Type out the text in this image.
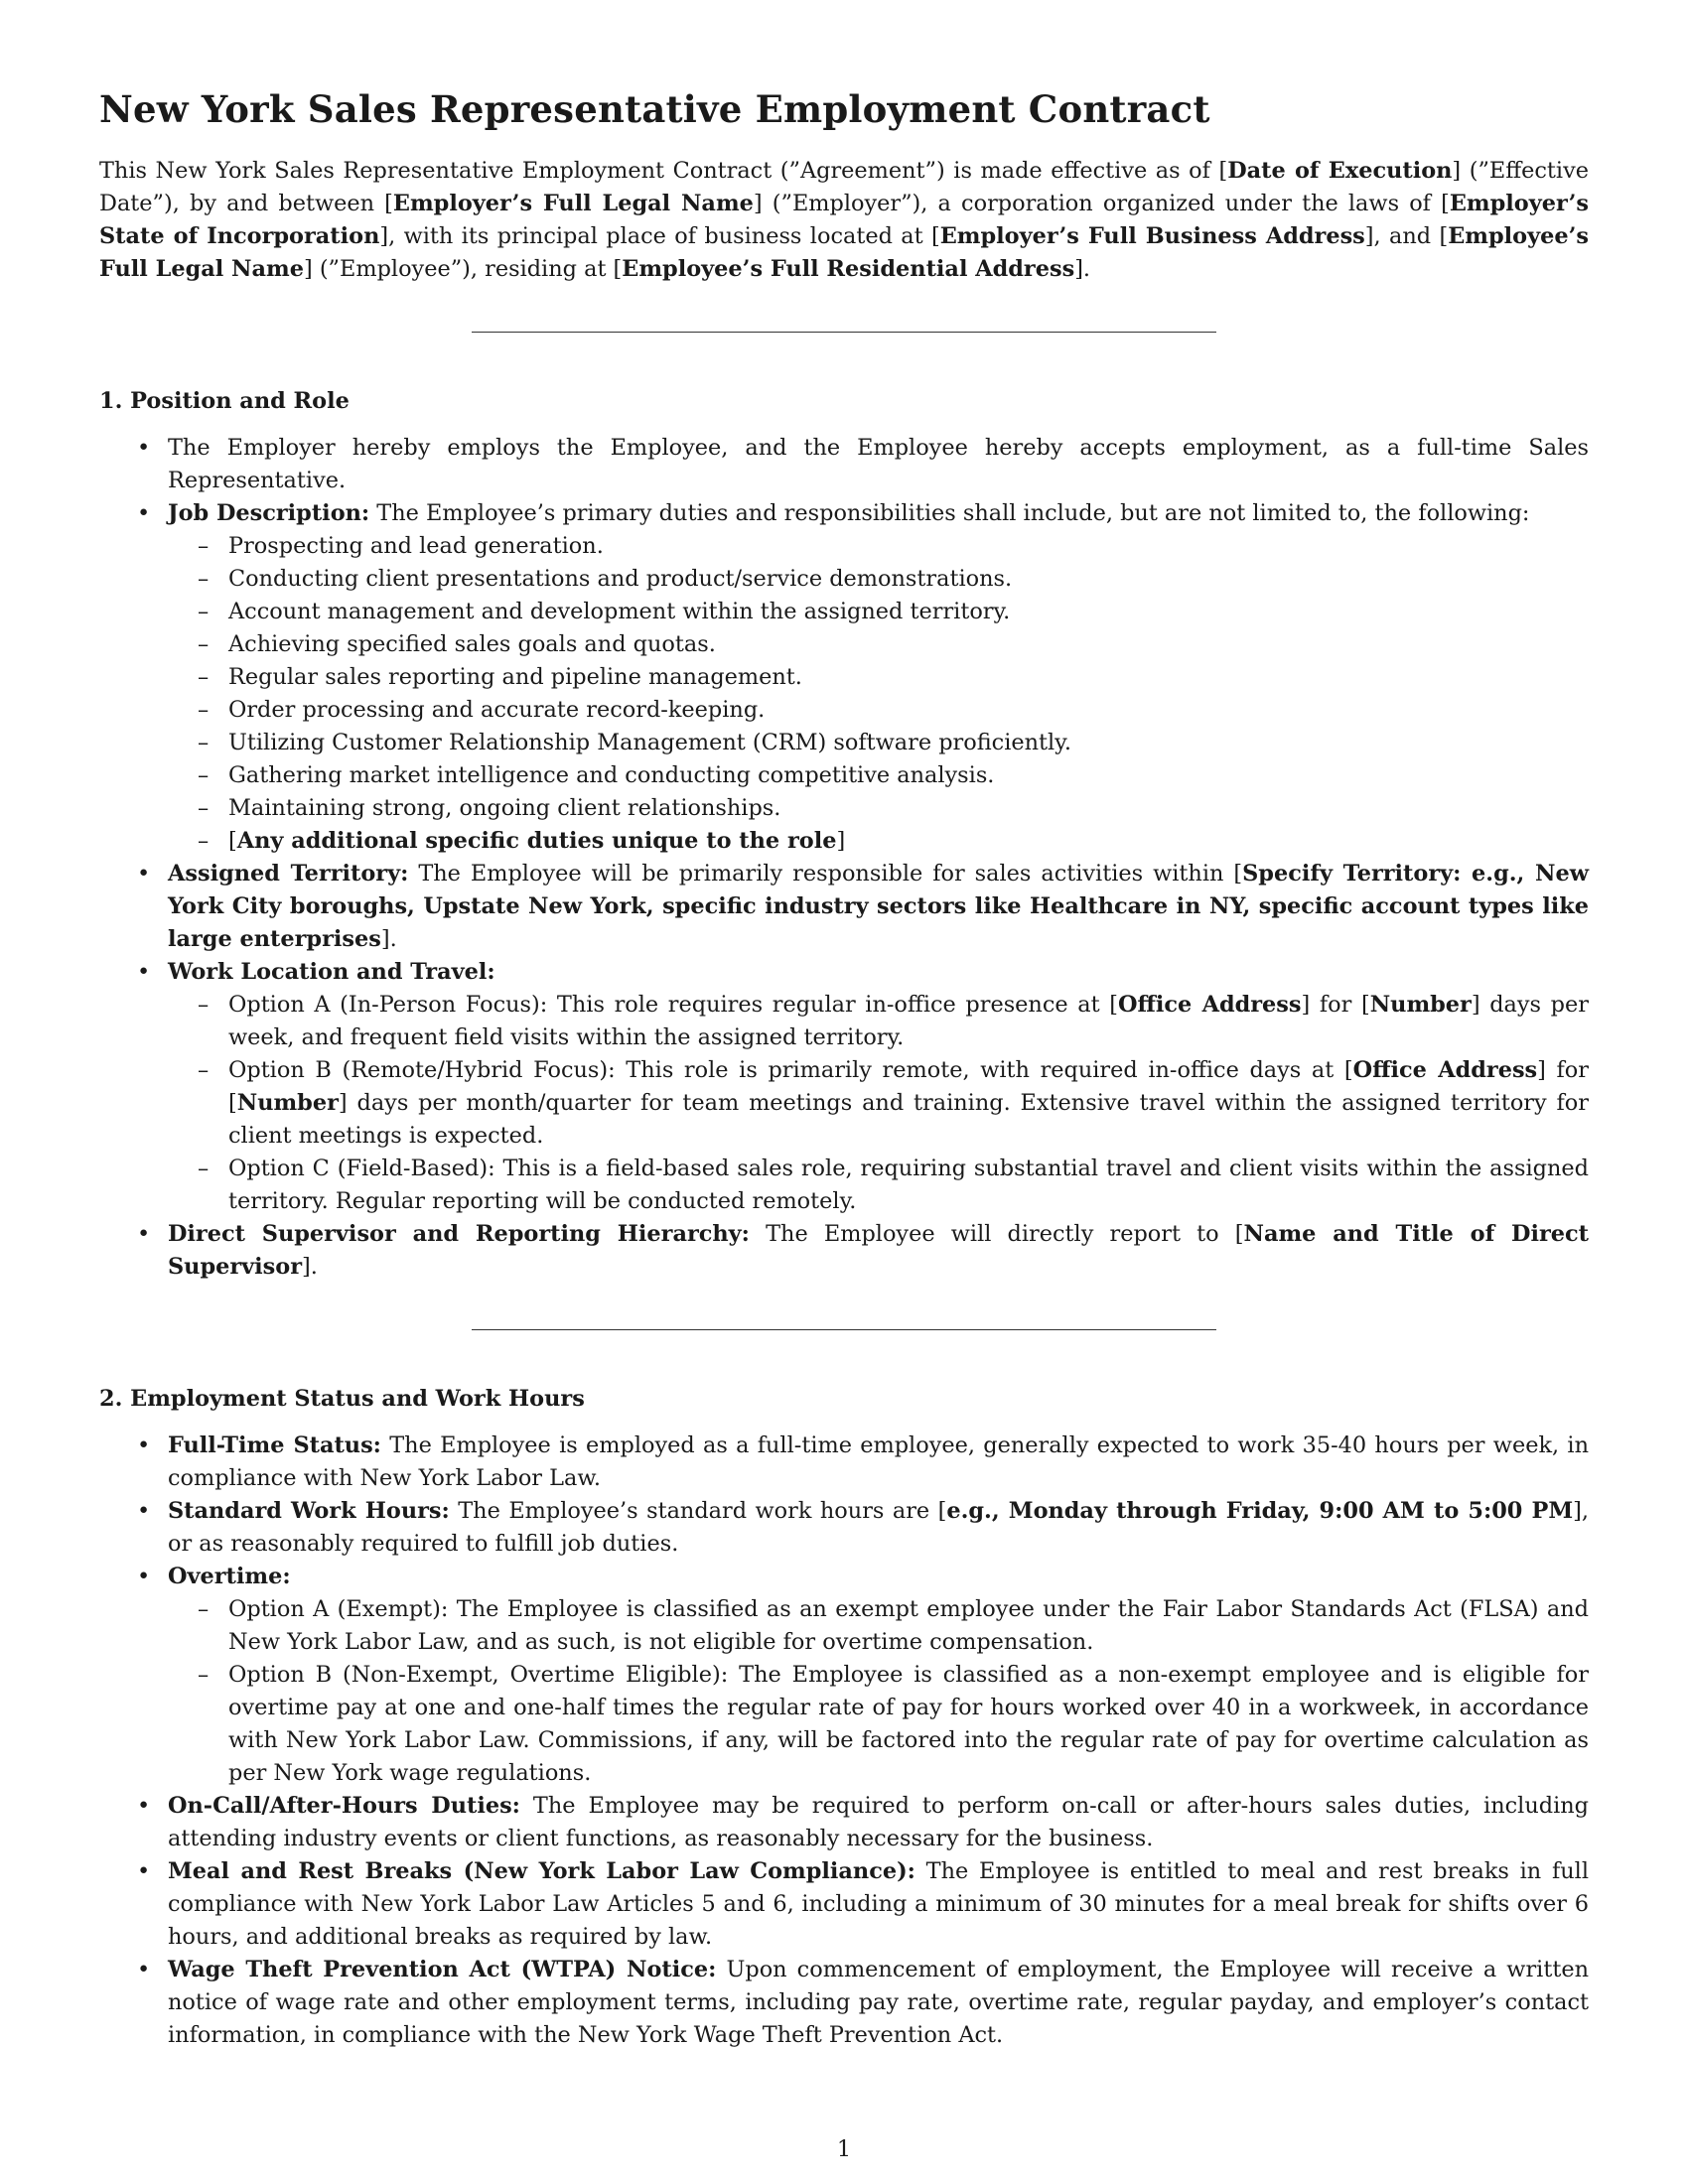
New York Sales Representative Employment Contract

This New York Sales Representative Employment Contract (”Agreement”) is made effective as of [Date of Execution] (”Effective Date”), by and between [Employer’s Full Legal Name] (”Employer”), a corporation organized under the laws of [Employer’s State of Incorporation], with its principal place of business located at [Employer’s Full Business Address], and [Employee’s Full Legal Name] (”Employee”), residing at [Employee’s Full Residential Address].

1. Position and Role
• The Employer hereby employs the Employee, and the Employee hereby accepts employment, as a full-time Sales Representative.
• Job Description: The Employee’s primary duties and responsibilities shall include, but are not limited to, the following:
– Prospecting and lead generation.
– Conducting client presentations and product/service demonstrations.
– Account management and development within the assigned territory.
– Achieving specified sales goals and quotas.
– Regular sales reporting and pipeline management.
– Order processing and accurate record-keeping.
– Utilizing Customer Relationship Management (CRM) software proficiently.
– Gathering market intelligence and conducting competitive analysis.
– Maintaining strong, ongoing client relationships.
– [Any additional specific duties unique to the role]
• Assigned Territory: The Employee will be primarily responsible for sales activities within [Specify Territory: e.g., New York City boroughs, Upstate New York, specific industry sectors like Healthcare in NY, specific account types like large enterprises].
• Work Location and Travel:
– Option A (In-Person Focus): This role requires regular in-office presence at [Office Address] for [Number] days per week, and frequent field visits within the assigned territory.
– Option B (Remote/Hybrid Focus): This role is primarily remote, with required in-office days at [Office Address] for [Number] days per month/quarter for team meetings and training. Extensive travel within the assigned territory for client meetings is expected.
– Option C (Field-Based): This is a field-based sales role, requiring substantial travel and client visits within the assigned territory. Regular reporting will be conducted remotely.
• Direct Supervisor and Reporting Hierarchy: The Employee will directly report to [Name and Title of Direct Supervisor].
2. Employment Status and Work Hours
• Full-Time Status: The Employee is employed as a full-time employee, generally expected to work 35-40 hours per week, in compliance with New York Labor Law.
• Standard Work Hours: The Employee’s standard work hours are [e.g., Monday through Friday, 9:00 AM to 5:00 PM], or as reasonably required to fulfill job duties.
• Overtime:
– Option A (Exempt): The Employee is classified as an exempt employee under the Fair Labor Standards Act (FLSA) and New York Labor Law, and as such, is not eligible for overtime compensation.
– Option B (Non-Exempt, Overtime Eligible): The Employee is classified as a non-exempt employee and is eligible for overtime pay at one and one-half times the regular rate of pay for hours worked over 40 in a workweek, in accordance with New York Labor Law. Commissions, if any, will be factored into the regular rate of pay for overtime calculation as per New York wage regulations.
• On-Call/After-Hours Duties: The Employee may be required to perform on-call or after-hours sales duties, including attending industry events or client functions, as reasonably necessary for the business.
• Meal and Rest Breaks (New York Labor Law Compliance): The Employee is entitled to meal and rest breaks in full compliance with New York Labor Law Articles 5 and 6, including a minimum of 30 minutes for a meal break for shifts over 6 hours, and additional breaks as required by law.
• Wage Theft Prevention Act (WTPA) Notice: Upon commencement of employment, the Employee will receive a written notice of wage rate and other employment terms, including pay rate, overtime rate, regular payday, and employer’s contact information, in compliance with the New York Wage Theft Prevention Act.
1
